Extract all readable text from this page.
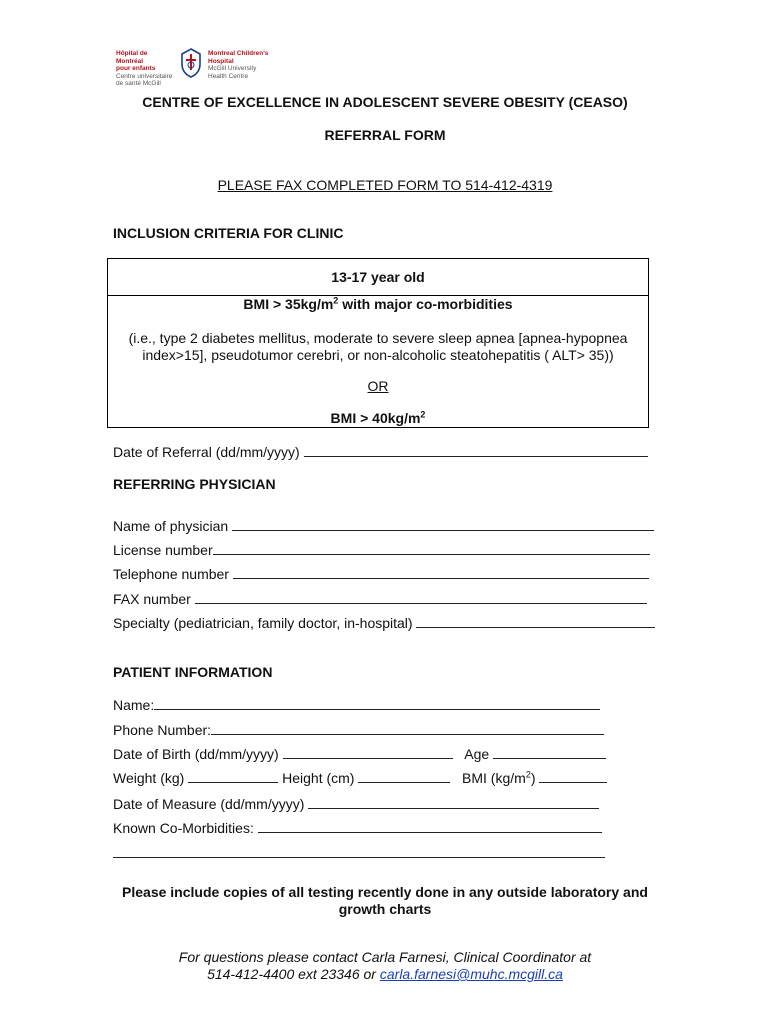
Hôpital de Montréal
pour enfants
Centre universitaire
de santé McGill
Montreal Children's
Hospital
McGill University
Health Centre
CENTRE OF EXCELLENCE IN ADOLESCENT SEVERE OBESITY (CEASO)
REFERRAL FORM
PLEASE FAX COMPLETED FORM TO 514-412-4319
INCLUSION CRITERIA FOR CLINIC
13-17 year old
BMI > $35kg/m^2$ with major co-morbidities
(i.e., type 2 diabetes mellitus, moderate to severe sleep apnea [apnea-hypopnea
index>15], pseudotumor cerebri, or non-alcoholic steatohepatitis ( ALT> 35))
OR
BMI > $40kg/m^2$
Date of Referral (dd/mm/yyyy)
REFERRING PHYSICIAN
Name of physician
License number
Telephone number
FAX number
Specialty (pediatrician, family doctor, in-hospital)
PATIENT INFORMATION
Name:
Phone Number:
Date of Birth (dd/mm/yyyy)	Age
Weight (kg)	Height (cm)	BMI $(kg/m^2)$
Date of Measure (dd/mm/yyyy)
Known Co-Morbidities:
Please include copies of all testing recently done in any outside laboratory and
growth charts
For questions please contact Carla Farnesi, Clinical Coordinator at
514-412-4400 ext 23346 or carla.farnesi@muhc.mcgill.ca
